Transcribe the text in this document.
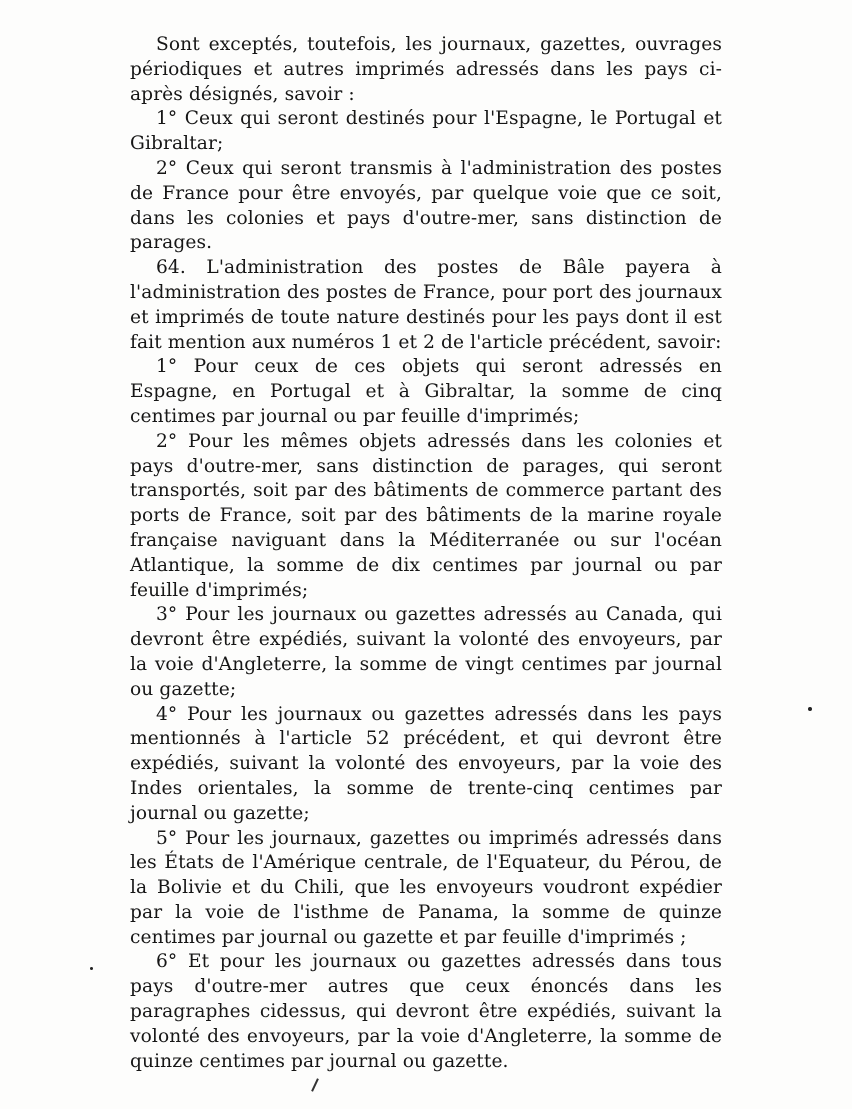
Sont exceptés, toutefois, les journaux, gazettes, ouvrages périodiques et autres imprimés adressés dans les pays ci-après désignés, savoir :

1° Ceux qui seront destinés pour l'Espagne, le Portugal et Gibraltar;

2° Ceux qui seront transmis à l'administration des postes de France pour être envoyés, par quelque voie que ce soit, dans les colonies et pays d'outre-mer, sans distinction de parages.

64. L'administration des postes de Bâle payera à l'administration des postes de France, pour port des journaux et imprimés de toute nature destinés pour les pays dont il est fait mention aux numéros 1 et 2 de l'article précédent, savoir:

1° Pour ceux de ces objets qui seront adressés en Espagne, en Portugal et à Gibraltar, la somme de cinq centimes par journal ou par feuille d'imprimés;

2° Pour les mêmes objets adressés dans les colonies et pays d'outre-mer, sans distinction de parages, qui seront transportés, soit par des bâtiments de commerce partant des ports de France, soit par des bâtiments de la marine royale française naviguant dans la Méditerranée ou sur l'océan Atlantique, la somme de dix centimes par journal ou par feuille d'imprimés;

3° Pour les journaux ou gazettes adressés au Canada, qui devront être expédiés, suivant la volonté des envoyeurs, par la voie d'Angleterre, la somme de vingt centimes par journal ou gazette;

4° Pour les journaux ou gazettes adressés dans les pays mentionnés à l'article 52 précédent, et qui devront être expédiés, suivant la volonté des envoyeurs, par la voie des Indes orientales, la somme de trente-cinq centimes par journal ou gazette;

5° Pour les journaux, gazettes ou imprimés adressés dans les États de l'Amérique centrale, de l'Equateur, du Pérou, de la Bolivie et du Chili, que les envoyeurs voudront expédier par la voie de l'isthme de Panama, la somme de quinze centimes par journal ou gazette et par feuille d'imprimés ;

6° Et pour les journaux ou gazettes adressés dans tous pays d'outre-mer autres que ceux énoncés dans les paragraphes cidessus, qui devront être expédiés, suivant la volonté des envoyeurs, par la voie d'Angleterre, la somme de quinze centimes par journal ou gazette.
